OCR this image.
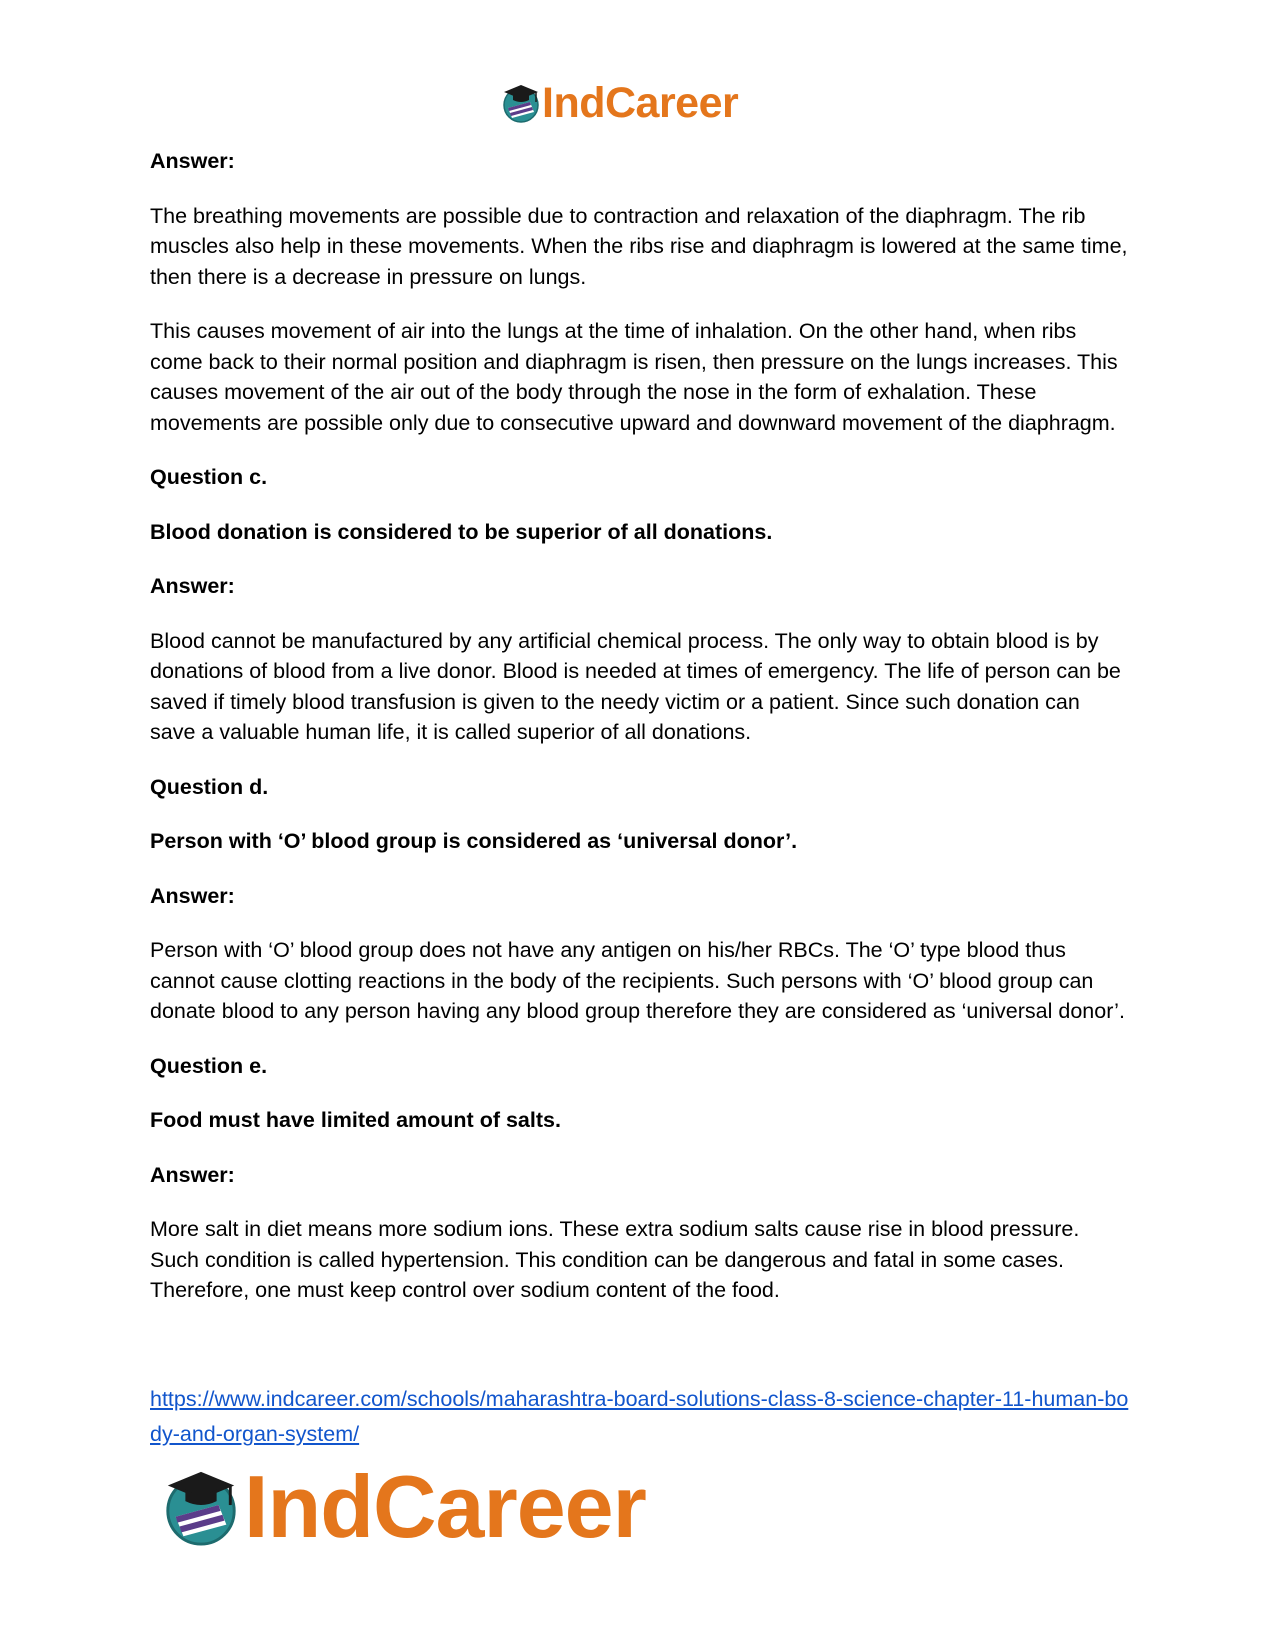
IndCareer

Answer:

The breathing movements are possible due to contraction and relaxation of the diaphragm. The rib muscles also help in these movements. When the ribs rise and diaphragm is lowered at the same time, then there is a decrease in pressure on lungs.

This causes movement of air into the lungs at the time of inhalation. On the other hand, when ribs come back to their normal position and diaphragm is risen, then pressure on the lungs increases. This causes movement of the air out of the body through the nose in the form of exhalation. These movements are possible only due to consecutive upward and downward movement of the diaphragm.

Question c.

Blood donation is considered to be superior of all donations.

Answer:

Blood cannot be manufactured by any artificial chemical process. The only way to obtain blood is by donations of blood from a live donor. Blood is needed at times of emergency. The life of person can be saved if timely blood transfusion is given to the needy victim or a patient. Since such donation can save a valuable human life, it is called superior of all donations.

Question d.

Person with ‘O’ blood group is considered as ‘universal donor’.

Answer:

Person with ‘O’ blood group does not have any antigen on his/her RBCs. The ‘O’ type blood thus cannot cause clotting reactions in the body of the recipients. Such persons with ‘O’ blood group can donate blood to any person having any blood group therefore they are considered as ‘universal donor’.

Question e.

Food must have limited amount of salts.

Answer:

More salt in diet means more sodium ions. These extra sodium salts cause rise in blood pressure. Such condition is called hypertension. This condition can be dangerous and fatal in some cases. Therefore, one must keep control over sodium content of the food.

https://www.indcareer.com/schools/maharashtra-board-solutions-class-8-science-chapter-11-human-body-and-organ-system/
IndCareer
